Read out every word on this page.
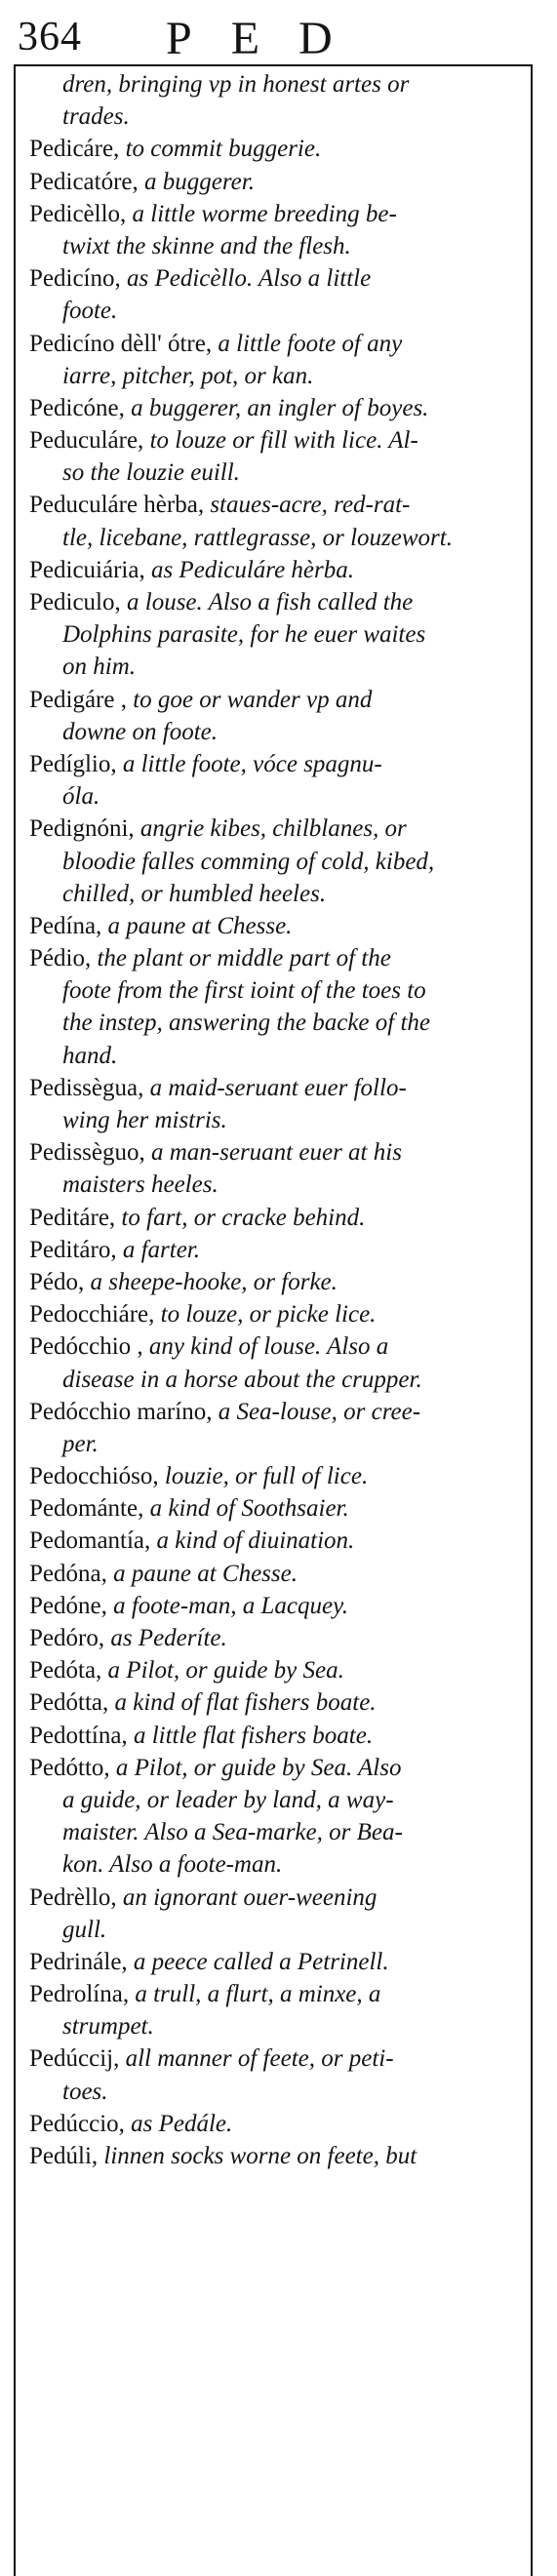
364 PED
dren, bringing vp in honest artes or
trades.
Pedicáre, to commit buggerie.
Pedicatóre, a buggerer.
Pedicèllo, a little worme breeding be-
twixt the skinne and the flesh.
Pedicíno, as Pedicèllo. Also a little
foote.
Pedicíno dèll' ótre, a little foote of any
iarre, pitcher, pot, or kan.
Pedicóne, a buggerer, an ingler of boyes.
Peduculáre, to louze or fill with lice. Al-
so the louzie euill.
Peduculáre hèrba, staues-acre, red-rat-
tle, licebane, rattlegrasse, or louzewort.
Pedicuiária, as Pediculáre hèrba.
Pediculo, a louse. Also a fish called the
Dolphins parasite, for he euer waites
on him.
Pedigáre , to goe or wander vp and
downe on foote.
Pedíglio, a little foote, vóce spagnu-
óla.
Pedignóni, angrie kibes, chilblanes, or
bloodie falles comming of cold, kibed,
chilled, or humbled heeles.
Pedína, a paune at Chesse.
Pédio, the plant or middle part of the
foote from the first ioint of the toes to
the instep, answering the backe of the
hand.
Pedissègua, a maid-seruant euer follo-
wing her mistris.
Pedissèguo, a man-seruant euer at his
maisters heeles.
Peditáre, to fart, or cracke behind.
Peditáro, a farter.
Pédo, a sheepe-hooke, or forke.
Pedocchiáre, to louze, or picke lice.
Pedócchio , any kind of louse. Also a
disease in a horse about the crupper.
Pedócchio maríno, a Sea-louse, or cree-
per.
Pedocchióso, louzie, or full of lice.
Pedománte, a kind of Soothsaier.
Pedomantía, a kind of diuination.
Pedóna, a paune at Chesse.
Pedóne, a foote-man, a Lacquey.
Pedóro, as Pederíte.
Pedóta, a Pilot, or guide by Sea.
Pedótta, a kind of flat fishers boate.
Pedottína, a little flat fishers boate.
Pedótto, a Pilot, or guide by Sea. Also
a guide, or leader by land, a way-
maister. Also a Sea-marke, or Bea-
kon. Also a foote-man.
Pedrèllo, an ignorant ouer-weening
gull.
Pedrinále, a peece called a Petrinell.
Pedrolína, a trull, a flurt, a minxe, a
strumpet.
Pedúccij, all manner of feete, or peti-
toes.
Pedúccio, as Pedále.
Pedúli, linnen socks worne on feete, but
